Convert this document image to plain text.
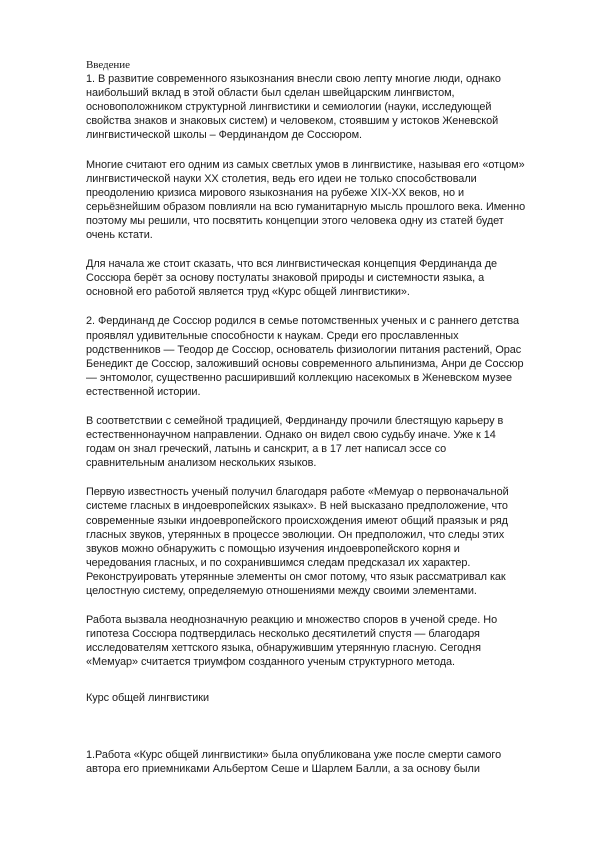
Введение

1. В развитие современного языкознания внесли свою лепту многие люди, однако наибольший вклад в этой области был сделан швейцарским лингвистом, основоположником структурной лингвистики и семиологии (науки, исследующей свойства знаков и знаковых систем) и человеком, стоявшим у истоков Женевской лингвистической школы – Фердинандом де Соссюром.

Многие считают его одним из самых светлых умов в лингвистике, называя его «отцом» лингвистической науки XX столетия, ведь его идеи не только способствовали преодолению кризиса мирового языкознания на рубеже XIX-XX веков, но и серьёзнейшим образом повлияли на всю гуманитарную мысль прошлого века. Именно поэтому мы решили, что посвятить концепции этого человека одну из статей будет очень кстати.

Для начала же стоит сказать, что вся лингвистическая концепция Фердинанда де Соссюра берёт за основу постулаты знаковой природы и системности языка, а основной его работой является труд «Курс общей лингвистики».

2. Фердинанд де Соссюр родился в семье потомственных ученых и с раннего детства проявлял удивительные способности к наукам. Среди его прославленных родственников — Теодор де Соссюр, основатель физиологии питания растений, Орас Бенедикт де Соссюр, заложивший основы современного альпинизма, Анри де Соссюр — энтомолог, существенно расширивший коллекцию насекомых в Женевском музее естественной истории.

В соответствии с семейной традицией, Фердинанду прочили блестящую карьеру в естественнонаучном направлении. Однако он видел свою судьбу иначе. Уже к 14 годам он знал греческий, латынь и санскрит, а в 17 лет написал эссе со сравнительным анализом нескольких языков.

Первую известность ученый получил благодаря работе «Мемуар о первоначальной системе гласных в индоевропейских языках». В ней высказано предположение, что современные языки индоевропейского происхождения имеют общий праязык и ряд гласных звуков, утерянных в процессе эволюции. Он предположил, что следы этих звуков можно обнаружить с помощью изучения индоевропейского корня и чередования гласных, и по сохранившимся следам предсказал их характер. Реконструировать утерянные элементы он смог потому, что язык рассматривал как целостную систему, определяемую отношениями между своими элементами.

Работа вызвала неоднозначную реакцию и множество споров в ученой среде. Но гипотеза Соссюра подтвердилась несколько десятилетий спустя — благодаря исследователям хеттского языка, обнаружившим утерянную гласную. Сегодня «Мемуар» считается триумфом созданного ученым структурного метода.

Курс общей лингвистики

1.Работа «Курс общей лингвистики» была опубликована уже после смерти самого автора его приемниками Альбертом Сеше и Шарлем Балли, а за основу были
